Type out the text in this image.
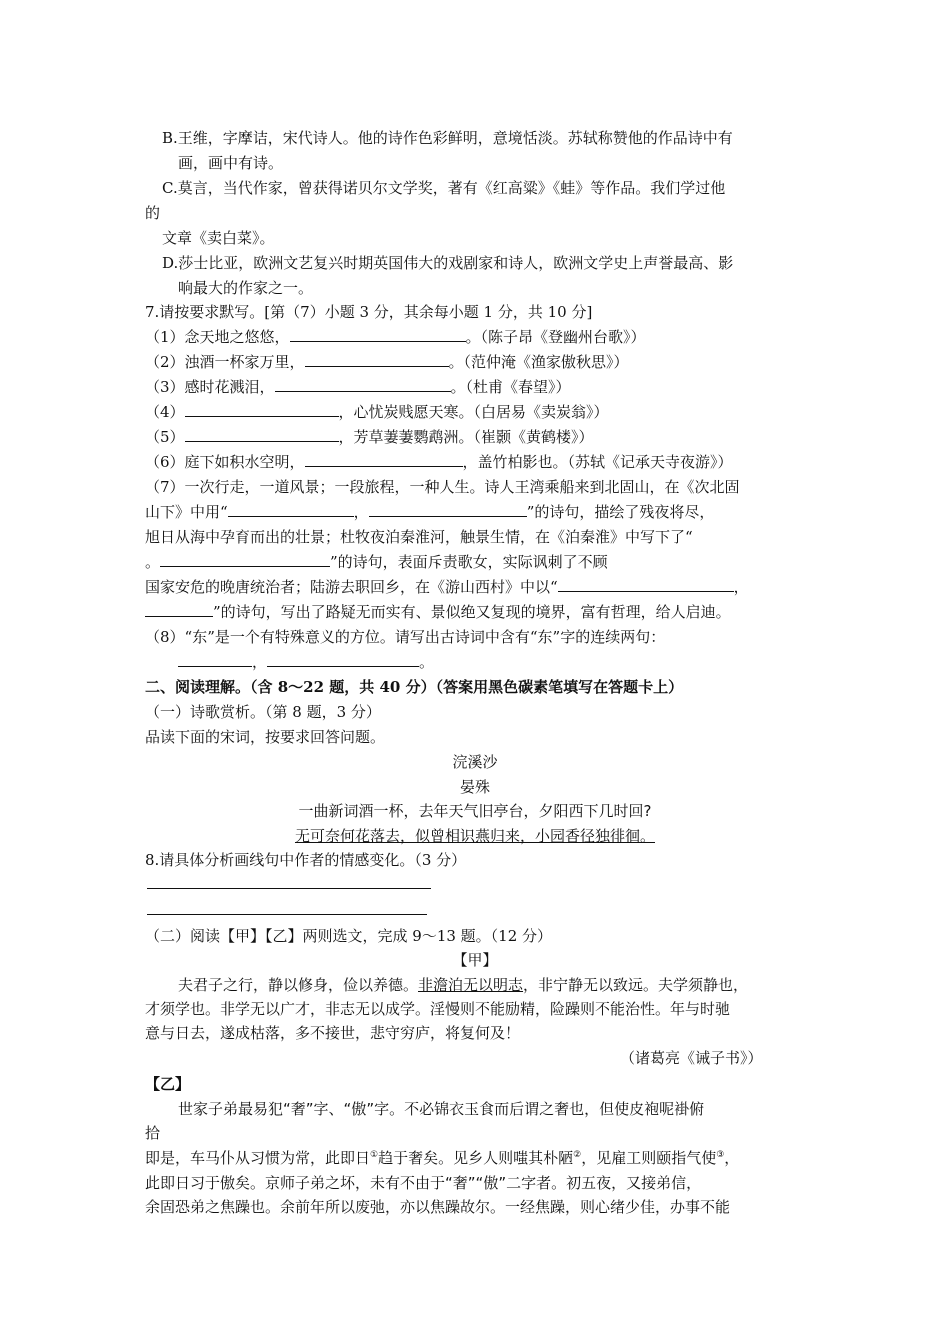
B.王维，字摩诘，宋代诗人。他的诗作色彩鲜明，意境恬淡。苏轼称赞他的作品诗中有
画，画中有诗。
C.莫言，当代作家，曾获得诺贝尔文学奖，著有《红高粱》《蛙》等作品。我们学过他
的
文章《卖白菜》。
D.莎士比亚，欧洲文艺复兴时期英国伟大的戏剧家和诗人，欧洲文学史上声誉最高、影
响最大的作家之一。
7.请按要求默写。[第（7）小题 3 分，其余每小题 1 分，共 10 分]
（1）念天地之悠悠，	。（陈子昂《登幽州台歌》）
（2）浊酒一杯家万里，	。（范仲淹《渔家傲秋思》）
（3）感时花溅泪，	。（杜甫《春望》）
（4）	，心忧炭贱愿天寒。（白居易《卖炭翁》）
（5）	，芳草萋萋鹦鹉洲。（崔颢《黄鹤楼》）
（6）庭下如积水空明，	，盖竹柏影也。（苏轼《记承天寺夜游》）
（7）一次行走，一道风景；一段旅程，一种人生。诗人王湾乘船来到北固山，在《次北固
山下》中用“	，	”的诗句，描绘了残夜将尽，
旭日从海中孕育而出的壮景；杜牧夜泊秦淮河，触景生情，在《泊秦淮》中写下了“
。	”的诗句，表面斥责歌女，实际讽刺了不顾
国家安危的晚唐统治者；陆游去职回乡，在《游山西村》中以“	，
”的诗句，写出了路疑无而实有、景似绝又复现的境界，富有哲理，给人启迪。
（8）“东”是一个有特殊意义的方位。请写出古诗词中含有“东”字的连续两句：
，	。
二、阅读理解。（含 8～22 题，共 40 分）（答案用黑色碳素笔填写在答题卡上）
（一）诗歌赏析。（第 8 题，3 分）
品读下面的宋词，按要求回答问题。
浣溪沙
晏殊
一曲新词酒一杯，去年天气旧亭台，夕阳西下几时回?
无可奈何花落去，似曾相识燕归来，小园香径独徘徊。
8.请具体分析画线句中作者的情感变化。（3 分）
（二）阅读【甲】【乙】两则选文，完成 9～13 题。（12 分）
【甲】
夫君子之行，静以修身，俭以养德。非澹泊无以明志，非宁静无以致远。夫学须静也，
才须学也。非学无以广才，非志无以成学。淫慢则不能励精，险躁则不能治性。年与时驰
意与日去，遂成枯落，多不接世，悲守穷庐，将复何及！
（诸葛亮《诫子书》）
【乙】
世家子弟最易犯“奢”字、“傲”字。不必锦衣玉食而后谓之奢也，但使皮袍呢褂俯
拾
即是，车马仆从习惯为常，此即日①趋于奢矣。见乡人则嗤其朴陋②，见雇工则颐指气使③，
此即日习于傲矣。京师子弟之坏，未有不由于“奢”“傲”二字者。初五夜，又接弟信，
余固恐弟之焦躁也。余前年所以废弛，亦以焦躁故尔。一经焦躁，则心绪少佳，办事不能
